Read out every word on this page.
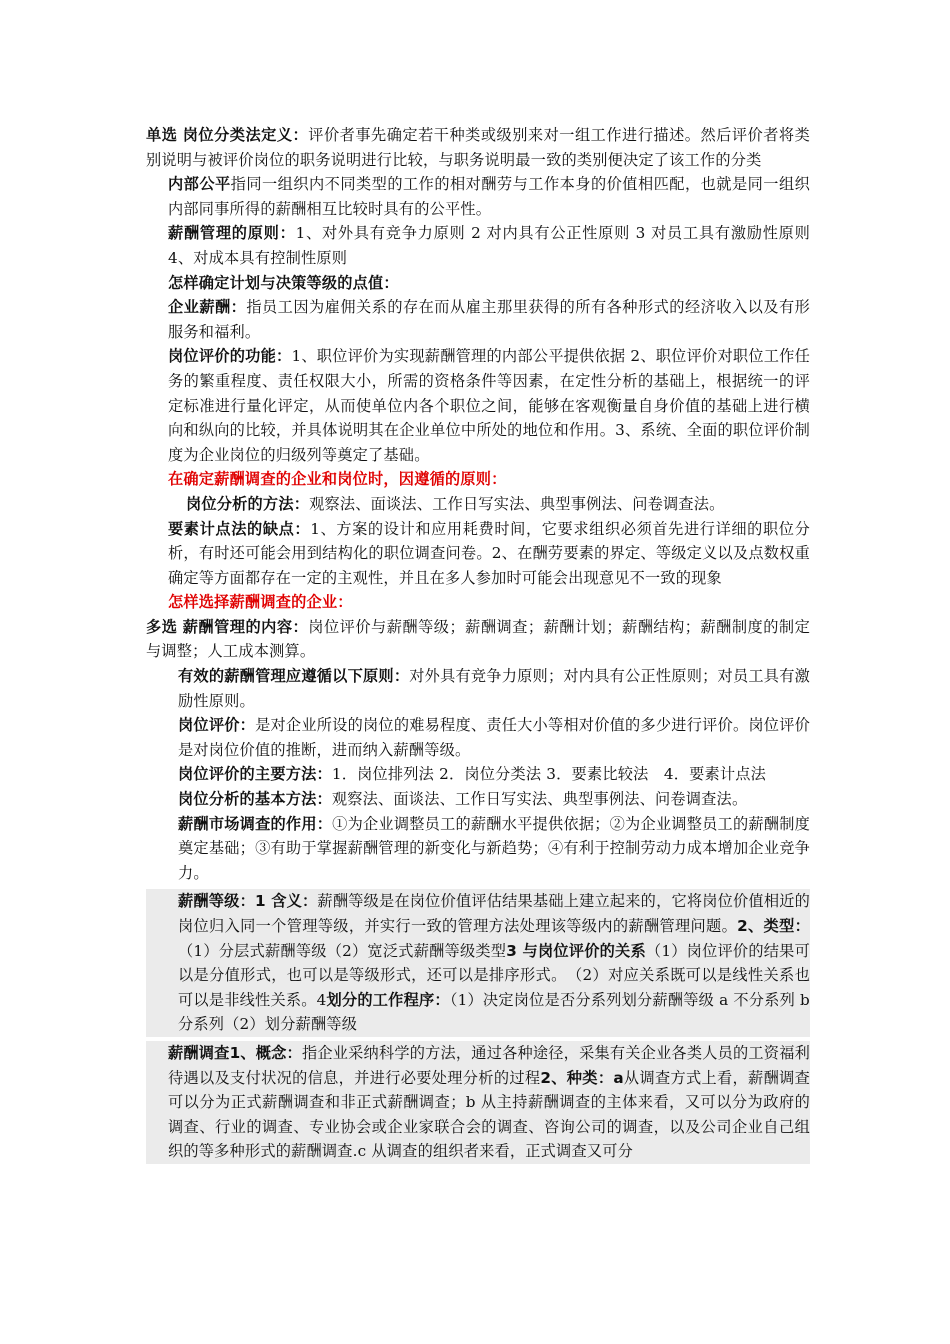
单选 岗位分类法定义：评价者事先确定若干种类或级别来对一组工作进行描述。然后评价者将类别说明与被评价岗位的职务说明进行比较，与职务说明最一致的类别便决定了该工作的分类

内部公平指同一组织内不同类型的工作的相对酬劳与工作本身的价值相匹配，也就是同一组织内部同事所得的薪酬相互比较时具有的公平性。

薪酬管理的原则：1、对外具有竞争力原则 2 对内具有公正性原则 3 对员工具有激励性原则 4、对成本具有控制性原则

怎样确定计划与决策等级的点值：

企业薪酬：指员工因为雇佣关系的存在而从雇主那里获得的所有各种形式的经济收入以及有形服务和福利。

岗位评价的功能：1、职位评价为实现薪酬管理的内部公平提供依据 2、职位评价对职位工作任务的繁重程度、责任权限大小，所需的资格条件等因素，在定性分析的基础上，根据统一的评定标准进行量化评定，从而使单位内各个职位之间，能够在客观衡量自身价值的基础上进行横向和纵向的比较，并具体说明其在企业单位中所处的地位和作用。3、系统、全面的职位评价制度为企业岗位的归级列等奠定了基础。

在确定薪酬调查的企业和岗位时，因遵循的原则：

岗位分析的方法：观察法、面谈法、工作日写实法、典型事例法、问卷调查法。

要素计点法的缺点：1、方案的设计和应用耗费时间，它要求组织必须首先进行详细的职位分析，有时还可能会用到结构化的职位调查问卷。2、在酬劳要素的界定、等级定义以及点数权重确定等方面都存在一定的主观性，并且在多人参加时可能会出现意见不一致的现象

怎样选择薪酬调查的企业：

多选 薪酬管理的内容：岗位评价与薪酬等级；薪酬调查；薪酬计划；薪酬结构；薪酬制度的制定与调整；人工成本测算。

有效的薪酬管理应遵循以下原则：对外具有竞争力原则；对内具有公正性原则；对员工具有激励性原则。

岗位评价：是对企业所设的岗位的难易程度、责任大小等相对价值的多少进行评价。岗位评价是对岗位价值的推断，进而纳入薪酬等级。

岗位评价的主要方法：1．岗位排列法 2．岗位分类法 3．要素比较法　4．要素计点法

岗位分析的基本方法：观察法、面谈法、工作日写实法、典型事例法、问卷调查法。

薪酬市场调查的作用：①为企业调整员工的薪酬水平提供依据；②为企业调整员工的薪酬制度奠定基础；③有助于掌握薪酬管理的新变化与新趋势；④有利于控制劳动力成本增加企业竞争力。

薪酬等级：1 含义：薪酬等级是在岗位价值评估结果基础上建立起来的，它将岗位价值相近的岗位归入同一个管理等级，并实行一致的管理方法处理该等级内的薪酬管理问题。2、类型：（1）分层式薪酬等级（2）宽泛式薪酬等级类型3 与岗位评价的关系（1）岗位评价的结果可以是分值形式，也可以是等级形式，还可以是排序形式。　（2）对应关系既可以是线性关系也可以是非线性关系。4划分的工作程序：（1）决定岗位是否分系列划分薪酬等级 a 不分系列 b 分系列（2）划分薪酬等级

薪酬调查1、概念：指企业采纳科学的方法，通过各种途径，采集有关企业各类人员的工资福利待遇以及支付状况的信息，并进行必要处理分析的过程2、种类：a从调查方式上看，薪酬调查可以分为正式薪酬调查和非正式薪酬调查；b 从主持薪酬调查的主体来看，又可以分为政府的调查、行业的调查、专业协会或企业家联合会的调查、咨询公司的调查，以及公司企业自己组织的等多种形式的薪酬调查.c 从调查的组织者来看，正式调查又可分
